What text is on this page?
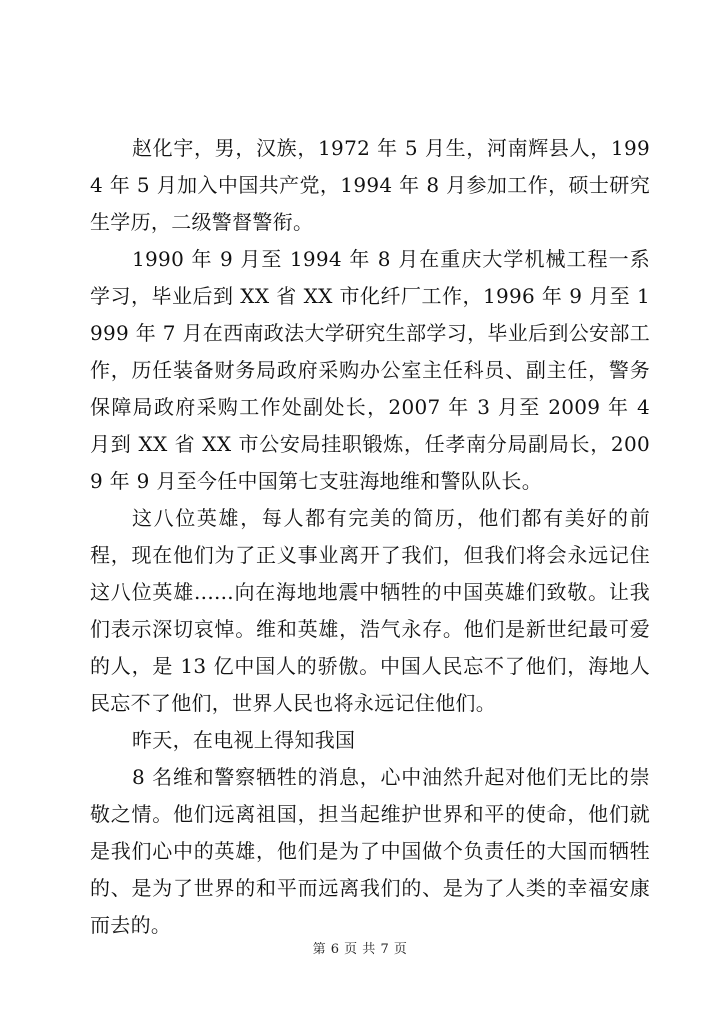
赵化宇，男，汉族，1972 年 5 月生，河南辉县人，1994 年 5 月加入中国共产党，1994 年 8 月参加工作，硕士研究生学历，二级警督警衔。

1990 年 9 月至 1994 年 8 月在重庆大学机械工程一系学习，毕业后到 XX 省 XX 市化纤厂工作，1996 年 9 月至 1999 年 7 月在西南政法大学研究生部学习，毕业后到公安部工作，历任装备财务局政府采购办公室主任科员、副主任，警务保障局政府采购工作处副处长，2007 年 3 月至 2009 年 4 月到 XX 省 XX 市公安局挂职锻炼，任孝南分局副局长，2009 年 9 月至今任中国第七支驻海地维和警队队长。

这八位英雄，每人都有完美的简历，他们都有美好的前程，现在他们为了正义事业离开了我们，但我们将会永远记住这八位英雄......向在海地地震中牺牲的中国英雄们致敬。让我们表示深切哀悼。维和英雄，浩气永存。他们是新世纪最可爱的人，是 13 亿中国人的骄傲。中国人民忘不了他们，海地人民忘不了他们，世界人民也将永远记住他们。

昨天，在电视上得知我国

8 名维和警察牺牲的消息，心中油然升起对他们无比的崇敬之情。他们远离祖国，担当起维护世界和平的使命，他们就是我们心中的英雄，他们是为了中国做个负责任的大国而牺牲的、是为了世界的和平而远离我们的、是为了人类的幸福安康而去的。

第 6 页 共 7 页
